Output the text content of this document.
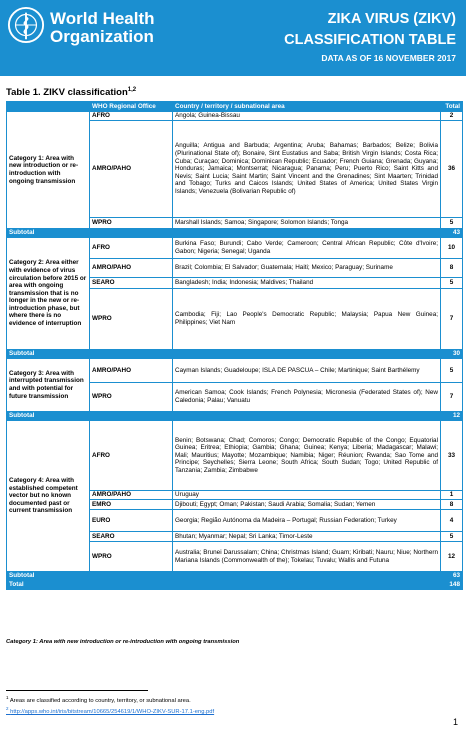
World Health
Organization
ZIKA VIRUS (ZIKV)
CLASSIFICATION TABLE
DATA AS OF 16 NOVEMBER 2017
Table 1. ZIKV classification$^{1,2}$
	WHO Regional Office	Country / territory / subnational area	Total
Category 1: Area with new introduction or re-introduction with ongoing transmission	AFRO	Angola; Guinea-Bissau	2
	AMRO/PAHO	Anguilla; Antigua and Barbuda; Argentina; Aruba; Bahamas; Barbados; Belize; Bolivia (Plurinational State of); Bonaire, Sint Eustatius and Saba; British Virgin Islands; Costa Rica; Cuba; Curaçao; Dominica; Dominican Republic; Ecuador; French Guiana; Grenada; Guyana; Honduras; Jamaica; Montserrat; Nicaragua; Panama; Peru; Puerto Rico; Saint Kitts and Nevis; Saint Lucia; Saint Martin; Saint Vincent and the Grenadines; Sint Maarten; Trinidad and Tobago; Turks and Caicos Islands; United States of America; United States Virgin Islands; Venezuela (Bolivarian Republic of)	36
	WPRO	Marshall Islands; Samoa; Singapore; Solomon Islands; Tonga	5
Subtotal			43
Category 2: Area either with evidence of virus circulation before 2015 or area with ongoing transmission that is no longer in the new or re-introduction phase, but where there is no evidence of interruption	AFRO	Burkina Faso; Burundi; Cabo Verde; Cameroon; Central African Republic; Côte d'Ivoire; Gabon; Nigeria; Senegal; Uganda	10
	AMRO/PAHO	Brazil; Colombia; El Salvador; Guatemala; Haiti; Mexico; Paraguay; Suriname	8
	SEARO	Bangladesh; India; Indonesia; Maldives; Thailand	5
	WPRO	Cambodia; Fiji; Lao People's Democratic Republic; Malaysia; Papua New Guinea; Philippines; Viet Nam	7
Subtotal			30
Category 3: Area with interrupted transmission and with potential for future transmission	AMRO/PAHO	Cayman Islands; Guadeloupe; ISLA DE PASCUA – Chile; Martinique; Saint Barthélemy	5
	WPRO	American Samoa; Cook Islands; French Polynesia; Micronesia (Federated States of); New Caledonia; Palau; Vanuatu	7
Subtotal			12
Category 4: Area with established competent vector but no known documented past or current transmission	AFRO	Benin; Botswana; Chad; Comoros; Congo; Democratic Republic of the Congo; Equatorial Guinea; Eritrea; Ethiopia; Gambia; Ghana; Guinea; Kenya; Liberia; Madagascar; Malawi; Mali; Mauritius; Mayotte; Mozambique; Namibia; Niger; Réunion; Rwanda; Sao Tome and Principe; Seychelles; Sierra Leone; South Africa; South Sudan; Togo; United Republic of Tanzania; Zambia; Zimbabwe	33
	AMRO/PAHO	Uruguay	1
	EMRO	Djibouti; Egypt; Oman; Pakistan; Saudi Arabia; Somalia; Sudan; Yemen	8
	EURO	Georgia; Região Autónoma da Madeira – Portugal; Russian Federation; Turkey	4
	SEARO	Bhutan; Myanmar; Nepal; Sri Lanka; Timor-Leste	5
	WPRO	Australia; Brunei Darussalam; China; Christmas Island; Guam; Kiribati; Nauru; Niue; Northern Mariana Islands (Commonwealth of the); Tokelau; Tuvalu; Wallis and Futuna	12
Subtotal			63
Total			148
Category 1: Area with new introduction or re-introduction with ongoing transmission
$^1$ Areas are classified according to country, territory, or subnational area.
$^2$ http://apps.who.int/iris/bitstream/10665/254619/1/WHO-ZIKV-SUR-17.1-eng.pdf
1
